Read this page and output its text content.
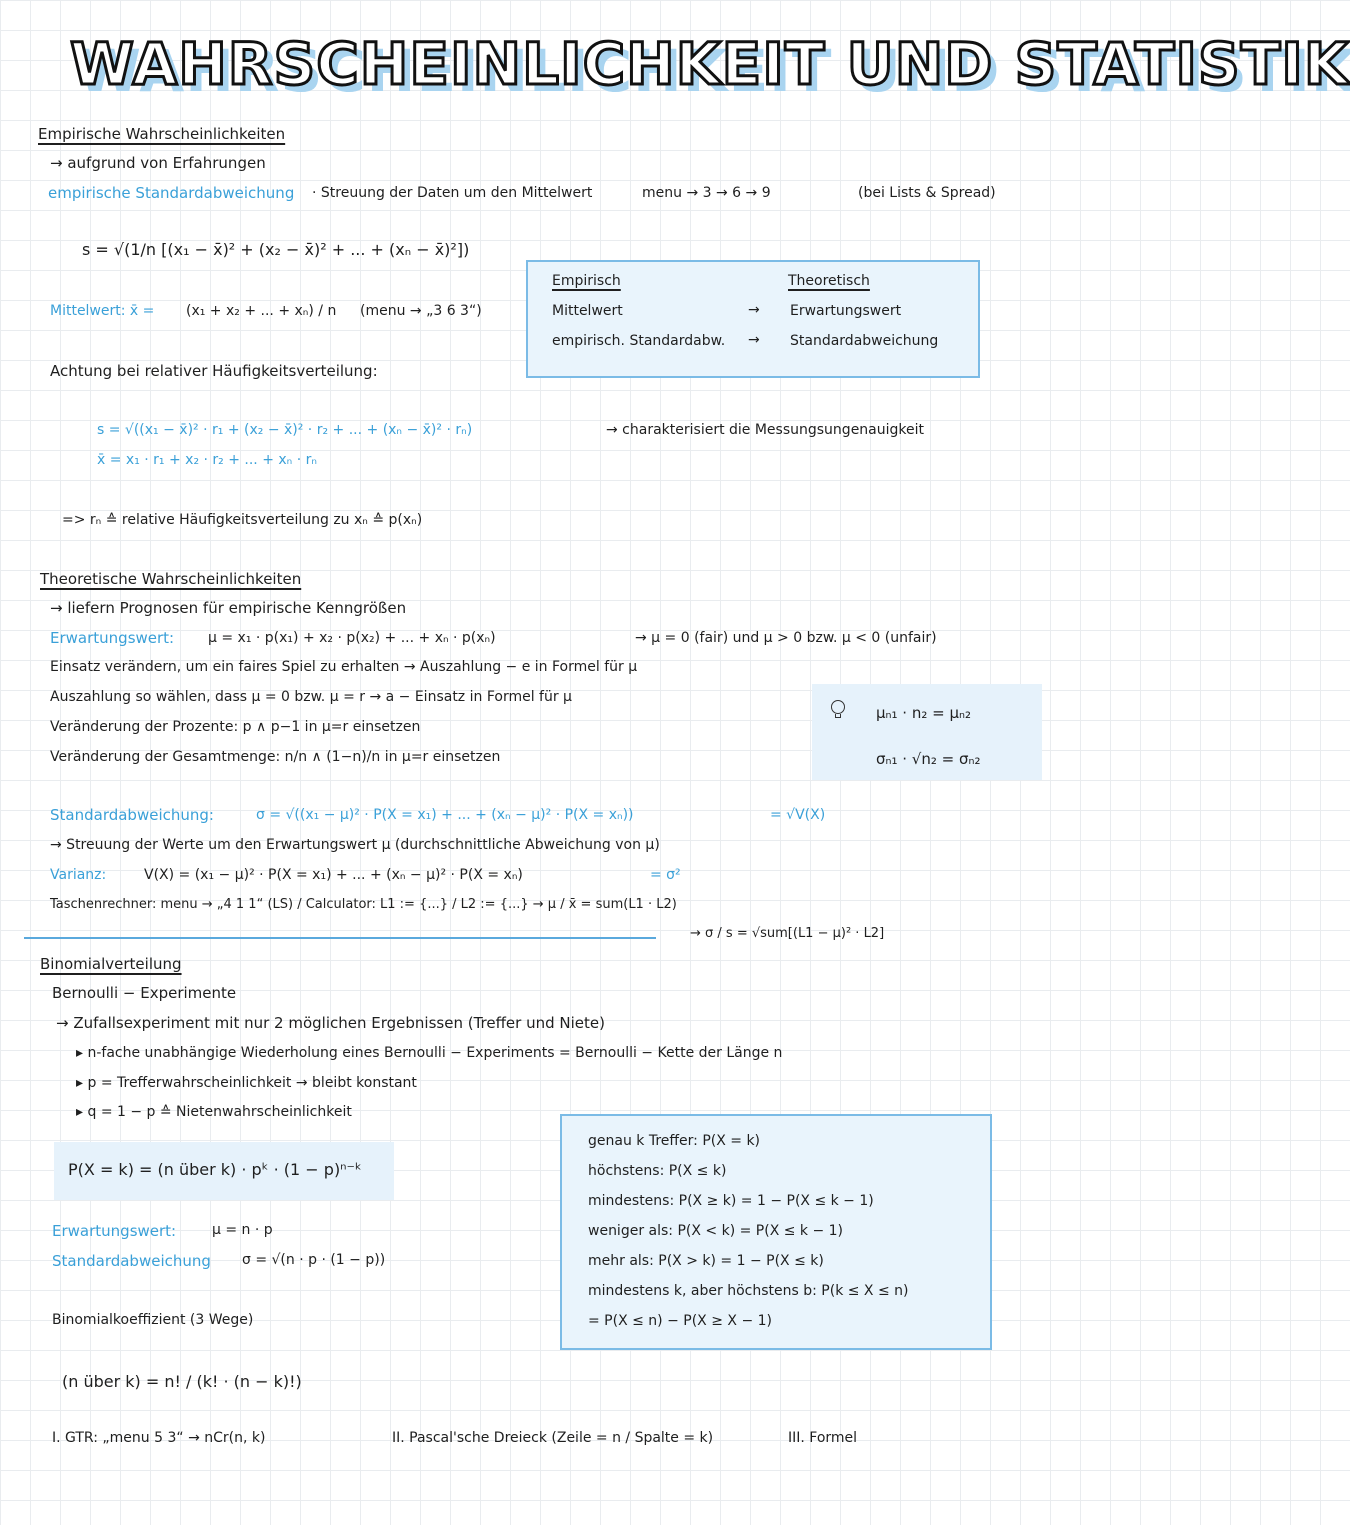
WAHRSCHEINLICHKEIT UND STATISTIK
Empirische Wahrscheinlichkeiten
→ aufgrund von Erfahrungen
empirische Standardabweichung · Streuung der Daten um den Mittelwert	menu → 3 → 6 → 9	(bei Lists & Spread)
s = √(1/n [(x₁ − x̄)² + (x₂ − x̄)² + ... + (xₙ − x̄)²])
Mittelwert: x̄ = (x₁ + x₂ + ... + xₙ) / n (menu → „3 6 3“)
Empirisch	Theoretisch
Mittelwert	→ Erwartungswert
empirisch. Standardabw. → Standardabweichung
Achtung bei relativer Häufigkeitsverteilung:
s = √((x₁ − x̄)² · r₁ + (x₂ − x̄)² · r₂ + ... + (xₙ − x̄)² · rₙ)
x̄ = x₁ · r₁ + x₂ · r₂ + ... + xₙ · rₙ
→ charakterisiert die Messungsungenauigkeit
=> rₙ ≙ relative Häufigkeitsverteilung zu xₙ ≙ p(xₙ)
Theoretische Wahrscheinlichkeiten
→ liefern Prognosen für empirische Kenngrößen
Erwartungswert: μ = x₁ · p(x₁) + x₂ · p(x₂) + ... + xₙ · p(xₙ)	→ μ = 0 (fair) und μ > 0 bzw. μ < 0 (unfair)
Einsatz verändern, um ein faires Spiel zu erhalten → Auszahlung − e in Formel für μ
Auszahlung so wählen, dass μ = 0 bzw. μ = r → a − Einsatz in Formel für μ
Veränderung der Prozente: p ∧ p−1 in μ=r einsetzen
Veränderung der Gesamtmenge: n/n ∧ (1−n)/n in μ=r einsetzen
μₙ₁ · n₂ = μₙ₂
σₙ₁ · √n₂ = σₙ₂
Standardabweichung:	σ = √((x₁ − μ)² · P(X = x₁) + ... + (xₙ − μ)² · P(X = xₙ))	= √V(X)
→ Streuung der Werte um den Erwartungswert μ (durchschnittliche Abweichung von μ)
Varianz:	V(X) = (x₁ − μ)² · P(X = x₁) + ... + (xₙ − μ)² · P(X = xₙ)	= σ²
Taschenrechner: menu → „4 1 1“ (LS) / Calculator: L1 := {...} / L2 := {...} → μ / x̄ = sum(L1 · L2)
→ σ / s = √sum[(L1 − μ)² · L2]
Binomialverteilung
Bernoulli − Experimente
→ Zufallsexperiment mit nur 2 möglichen Ergebnissen (Treffer und Niete)
▸ n-fache unabhängige Wiederholung eines Bernoulli − Experiments = Bernoulli − Kette der Länge n
▸ p = Trefferwahrscheinlichkeit → bleibt konstant
▸ q = 1 − p ≙ Nietenwahrscheinlichkeit
P(X = k) = (n über k) · pᵏ · (1 − p)ⁿ⁻ᵏ
Erwartungswert:	μ = n · p
Standardabweichung σ = √(n · p · (1 − p))
Binomialkoeffizient (3 Wege)
(n über k) = n! / (k! · (n − k)!)
I. GTR: „menu 5 3“ → nCr(n, k)	II. Pascal'sche Dreieck (Zeile = n / Spalte = k)	III. Formel
genau k Treffer: P(X = k)
höchstens: P(X ≤ k)
mindestens: P(X ≥ k) = 1 − P(X ≤ k − 1)
weniger als: P(X < k) = P(X ≤ k − 1)
mehr als: P(X > k) = 1 − P(X ≤ k)
mindestens k, aber höchstens b: P(k ≤ X ≤ n)
= P(X ≤ n) − P(X ≥ X − 1)
